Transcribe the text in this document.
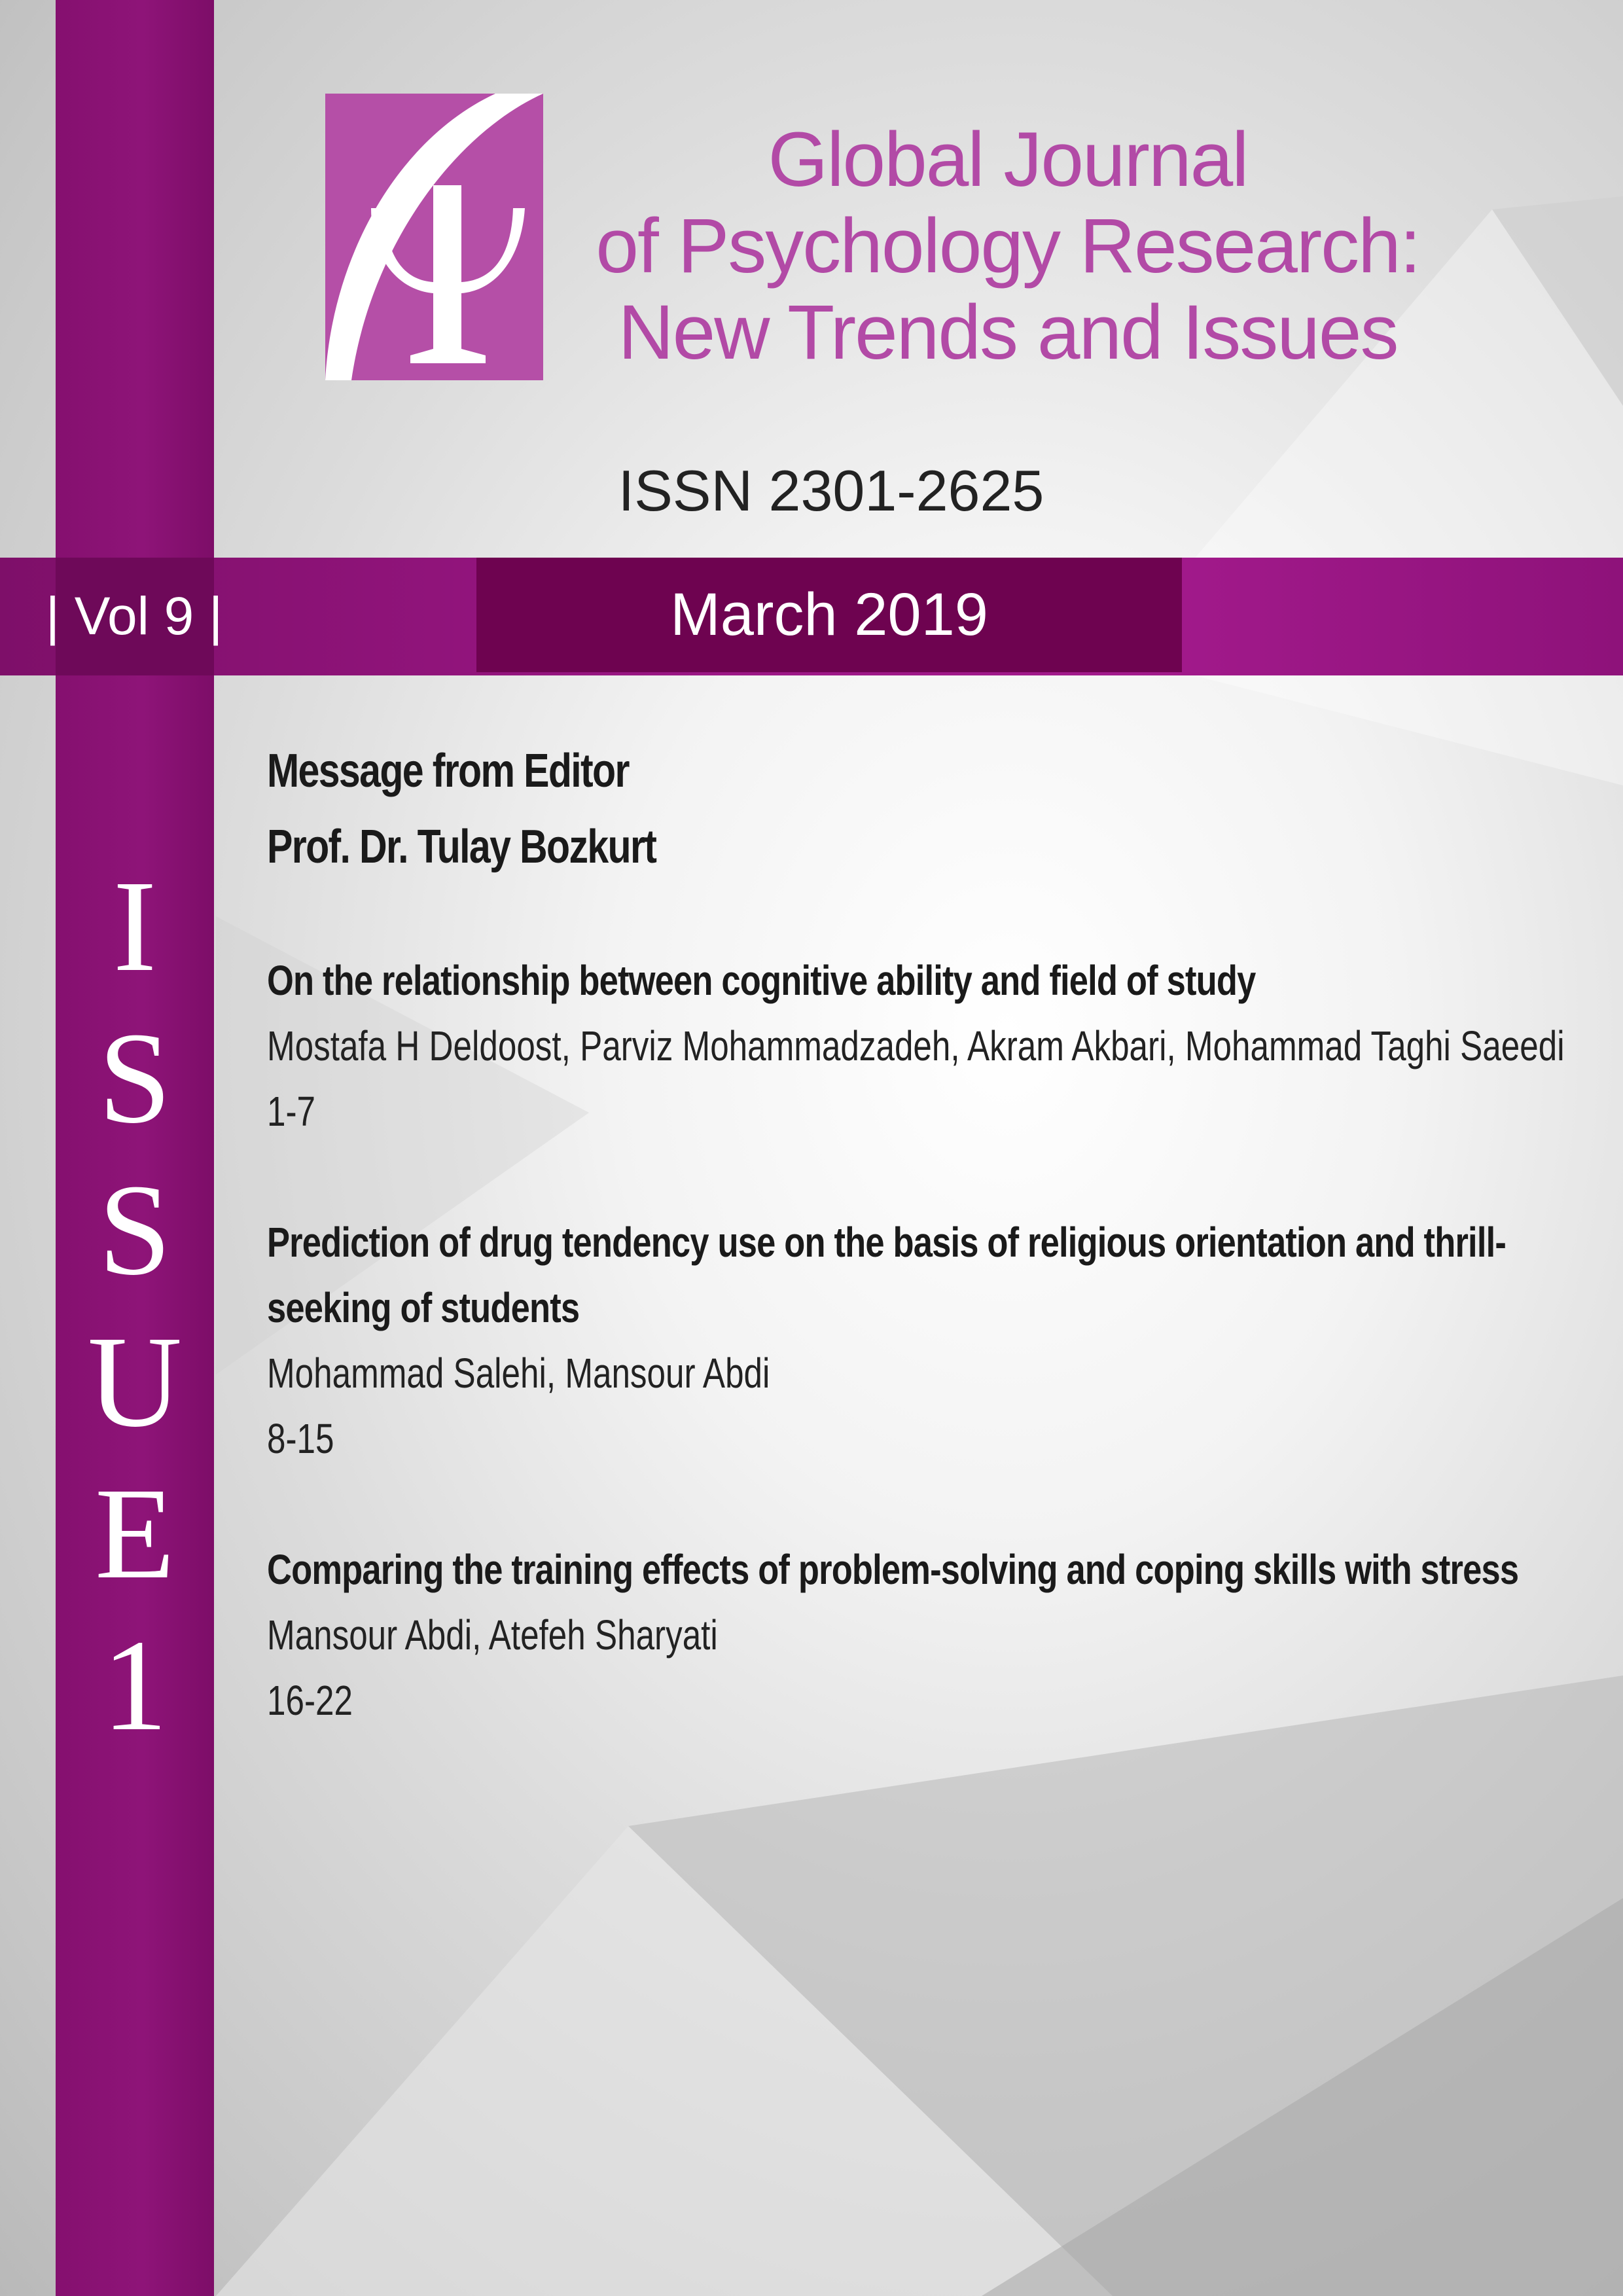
| Vol 9 |	March 2019
Global Journal
of Psychology Research:
New Trends and Issues
ISSN 2301-2625
I
S
S
U
E
1
Message from Editor
Prof. Dr. Tulay Bozkurt
On the relationship between cognitive ability and field of study
Mostafa H Deldoost, Parviz Mohammadzadeh, Akram Akbari, Mohammad Taghi Saeedi
1-7
Prediction of drug tendency use on the basis of religious orientation and thrill-seeking of students
Mohammad Salehi, Mansour Abdi
8-15
Comparing the training effects of problem-solving and coping skills with stress
Mansour Abdi, Atefeh Sharyati
16-22
